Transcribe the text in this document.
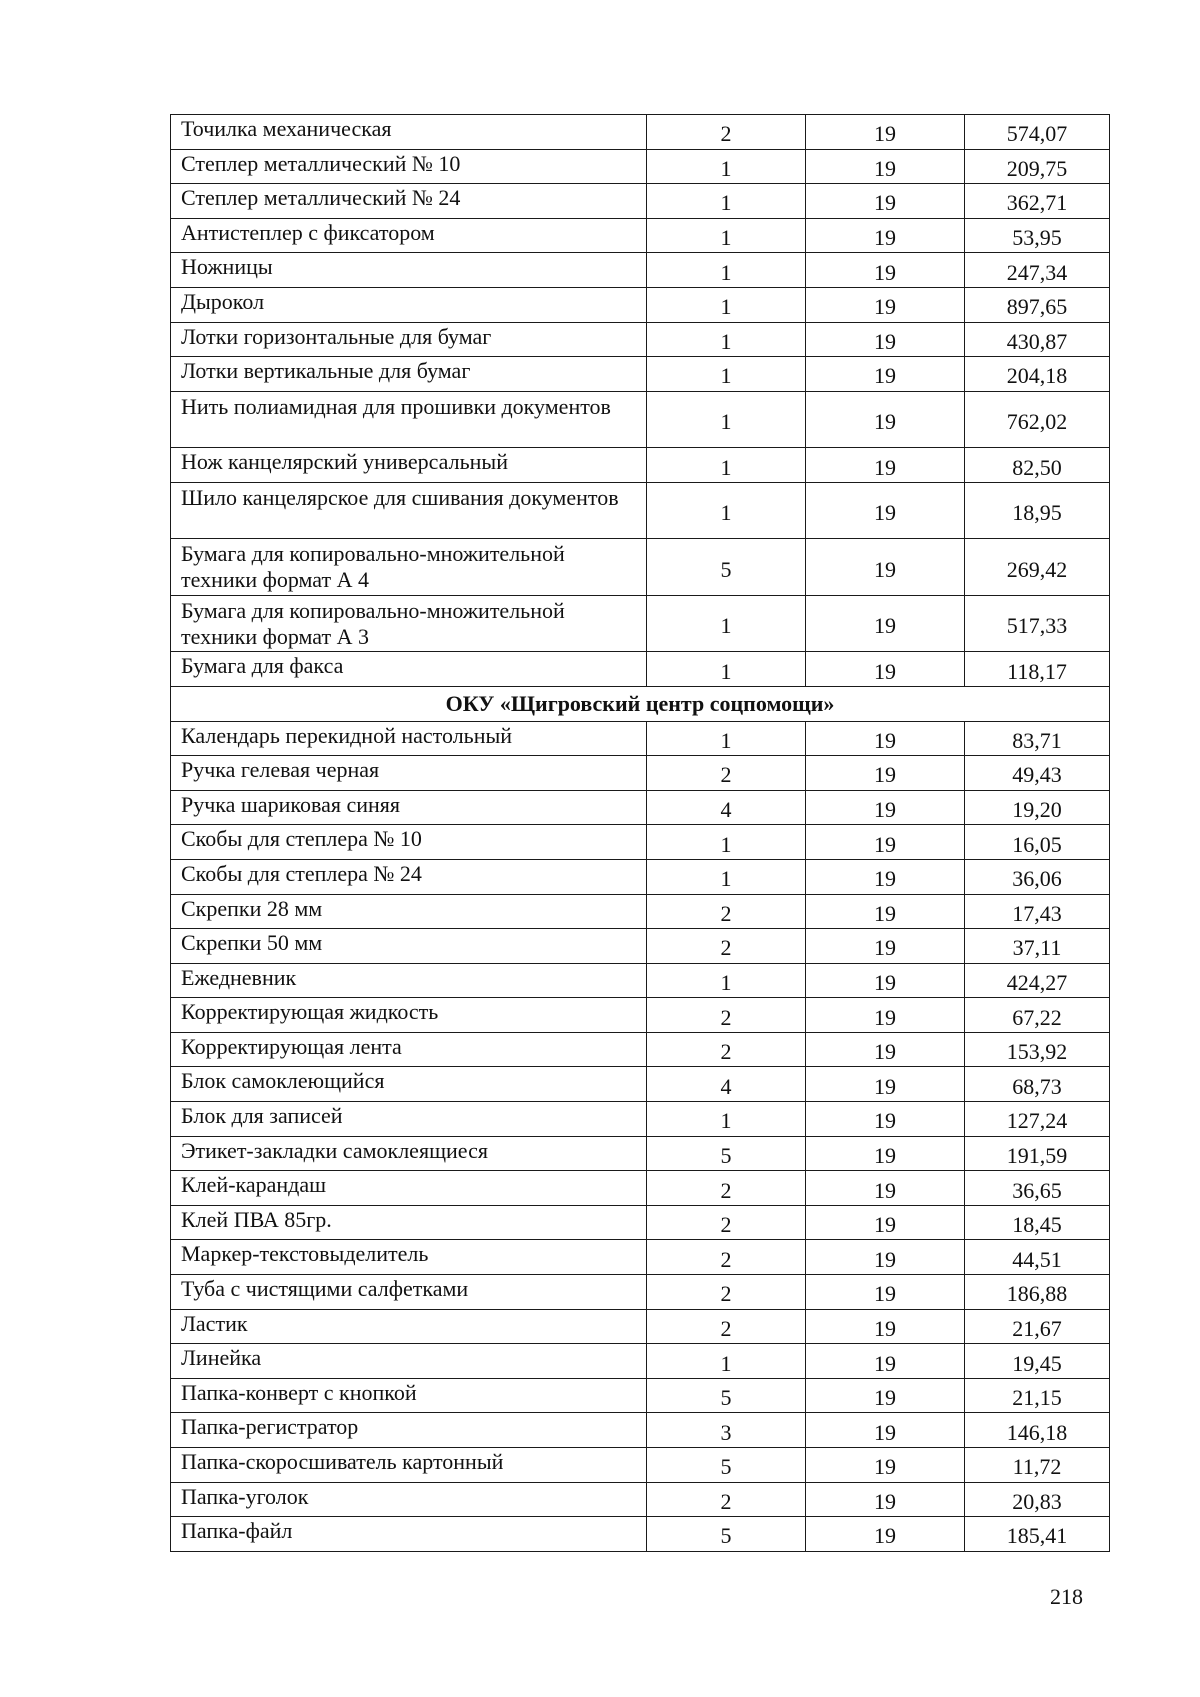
Точилка механическая	2	19	574,07
Степлер металлический № 10	1	19	209,75
Степлер металлический № 24	1	19	362,71
Антистеплер с фиксатором	1	19	53,95
Ножницы	1	19	247,34
Дырокол	1	19	897,65
Лотки горизонтальные для бумаг	1	19	430,87
Лотки вертикальные для бумаг	1	19	204,18
Нить полиамидная для прошивки документов	1	19	762,02
Нож канцелярский универсальный	1	19	82,50
Шило канцелярское для сшивания документов	1	19	18,95
Бумага для копировально-множительной техники формат А 4	5	19	269,42
Бумага для копировально-множительной техники формат А 3	1	19	517,33
Бумага для факса	1	19	118,17
ОКУ «Щигровский центр соцпомощи»			
Календарь перекидной настольный	1	19	83,71
Ручка гелевая черная	2	19	49,43
Ручка шариковая синяя	4	19	19,20
Скобы для степлера № 10	1	19	16,05
Скобы для степлера № 24	1	19	36,06
Скрепки 28 мм	2	19	17,43
Скрепки 50 мм	2	19	37,11
Ежедневник	1	19	424,27
Корректирующая жидкость	2	19	67,22
Корректирующая лента	2	19	153,92
Блок самоклеющийся	4	19	68,73
Блок для записей	1	19	127,24
Этикет-закладки самоклеящиеся	5	19	191,59
Клей-карандаш	2	19	36,65
Клей ПВА 85гр.	2	19	18,45
Маркер-текстовыделитель	2	19	44,51
Туба с чистящими салфетками	2	19	186,88
Ластик	2	19	21,67
Линейка	1	19	19,45
Папка-конверт с кнопкой	5	19	21,15
Папка-регистратор	3	19	146,18
Папка-скоросшиватель картонный	5	19	11,72
Папка-уголок	2	19	20,83
Папка-файл	5	19	185,41
218
